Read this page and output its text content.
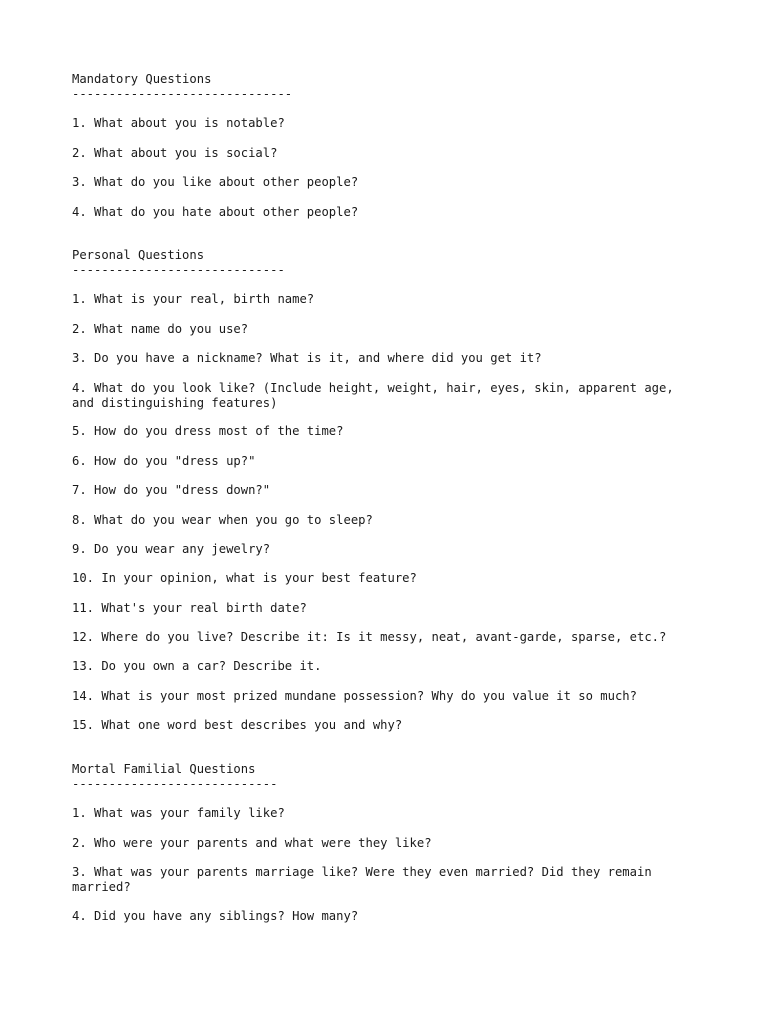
Mandatory Questions

------------------------------

1. What about you is notable?

2. What about you is social?

3. What do you like about other people?

4. What do you hate about other people?

Personal Questions

-----------------------------

1. What is your real, birth name?

2. What name do you use?

3. Do you have a nickname? What is it, and where did you get it?

4. What do you look like? (Include height, weight, hair, eyes, skin, apparent age,
and distinguishing features)

5. How do you dress most of the time?

6. How do you "dress up?"

7. How do you "dress down?"

8. What do you wear when you go to sleep?

9. Do you wear any jewelry?

10. In your opinion, what is your best feature?

11. What's your real birth date?

12. Where do you live? Describe it: Is it messy, neat, avant-garde, sparse, etc.?

13. Do you own a car? Describe it.

14. What is your most prized mundane possession? Why do you value it so much?

15. What one word best describes you and why?

Mortal Familial Questions

----------------------------

1. What was your family like?

2. Who were your parents and what were they like?

3. What was your parents marriage like? Were they even married? Did they remain
married?

4. Did you have any siblings? How many?
